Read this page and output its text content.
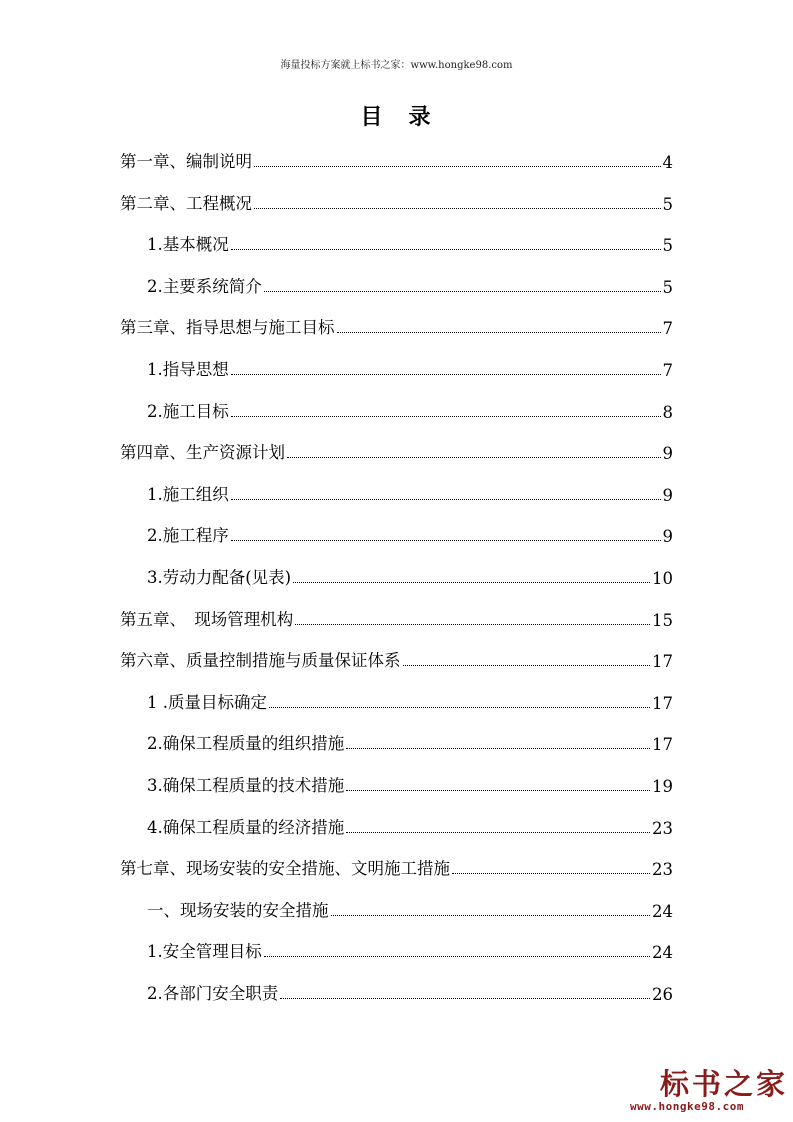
海量投标方案就上标书之家：www.hongke98.com
目　录
第一章、编制说明	4
第二章、工程概况	5
1.基本概况	5
2.主要系统简介	5
第三章、指导思想与施工目标	7
1.指导思想	7
2.施工目标	8
第四章、生产资源计划	9
1.施工组织	9
2.施工程序	9
3.劳动力配备(见表)	10
第五章、　现场管理机构	15
第六章、质量控制措施与质量保证体系	17
1 .质量目标确定	17
2.确保工程质量的组织措施	17
3.确保工程质量的技术措施	19
4.确保工程质量的经济措施	23
第七章、现场安装的安全措施、文明施工措施	23
一、现场安装的安全措施	24
1.安全管理目标	24
2.各部门安全职责	26
标书之家
www.hongke98.com
